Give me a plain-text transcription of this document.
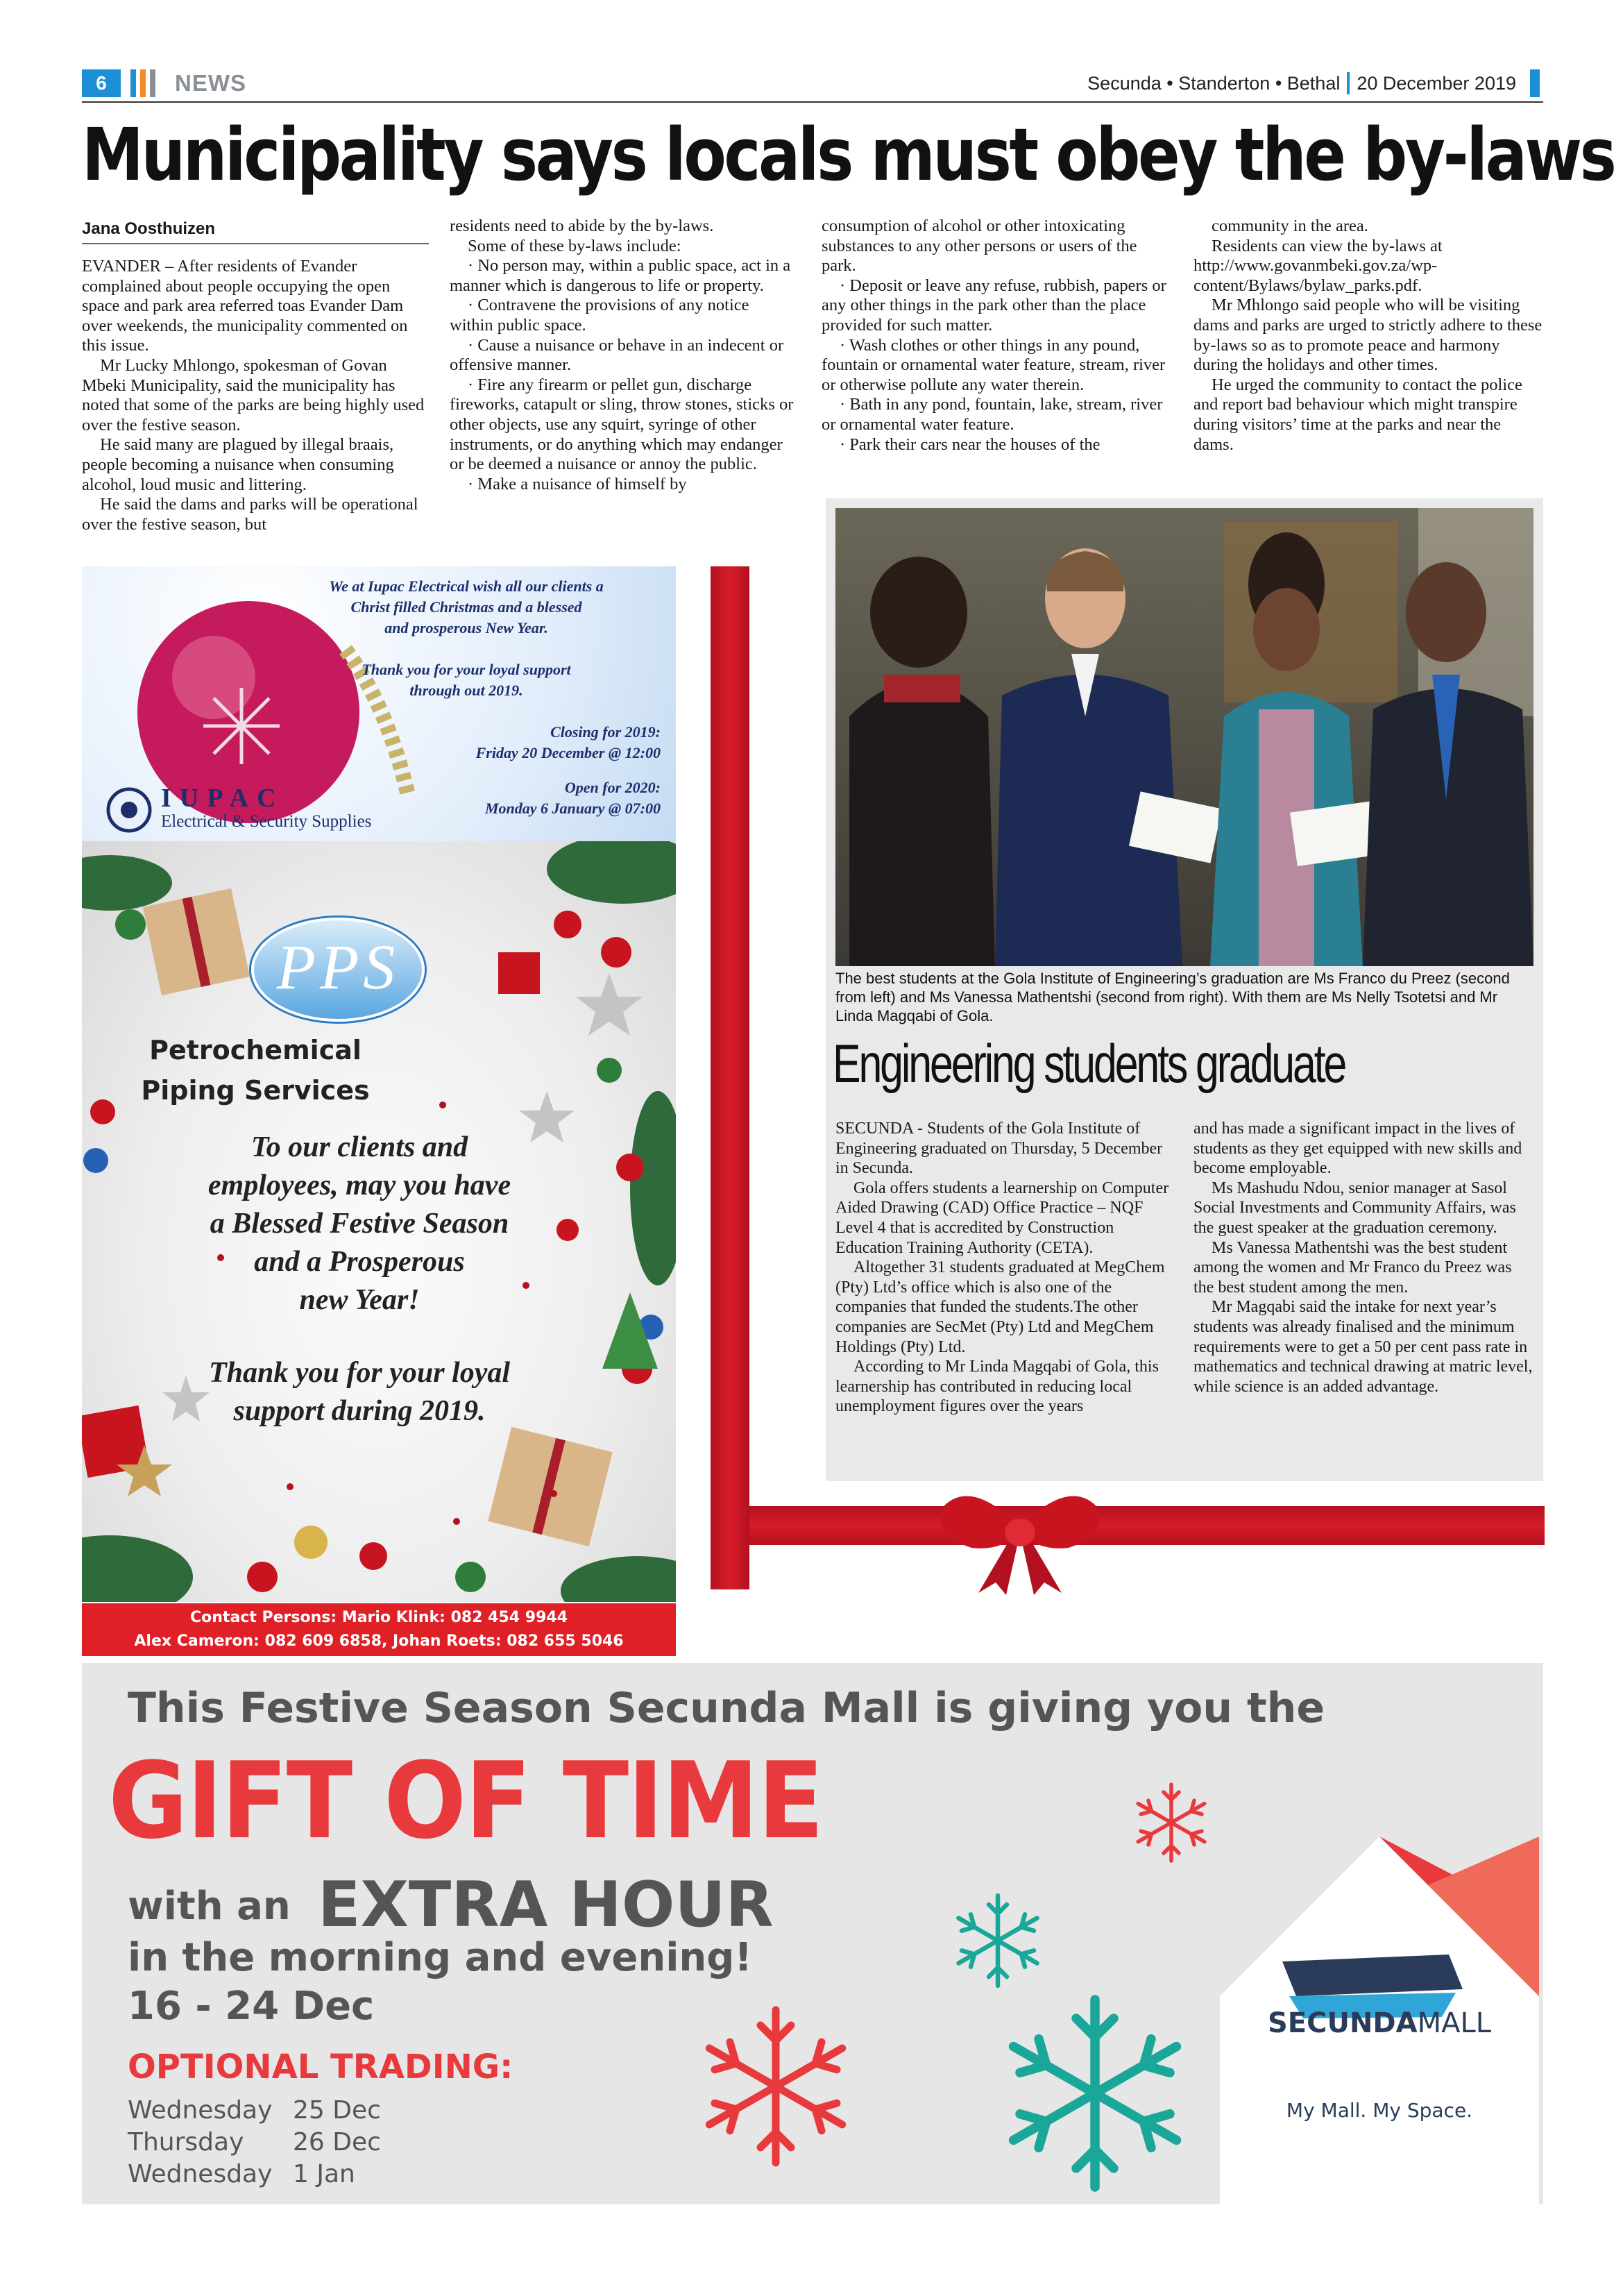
6	NEWS	Secunda • Standerton • Bethal 20 December 2019
Municipality says locals must obey the by-laws
Jana Oosthuizen

EVANDER – After residents of Evander complained about people occupying the open space and park area referred toas Evander Dam over weekends, the municipality commented on this issue.

Mr Lucky Mhlongo, spokesman of Govan Mbeki Municipality, said the municipality has noted that some of the parks are being highly used over the festive season.

He said many are plagued by illegal braais, people becoming a nuisance when consuming alcohol, loud music and littering.

He said the dams and parks will be operational over the festive season, but

residents need to abide by the by-laws.

Some of these by-laws include:

· No person may, within a public space, act in a manner which is dangerous to life or property.

· Contravene the provisions of any notice within public space.

· Cause a nuisance or behave in an indecent or offensive manner.

· Fire any firearm or pellet gun, discharge fireworks, catapult or sling, throw stones, sticks or other objects, use any squirt, syringe of other instruments, or do anything which may endanger or be deemed a nuisance or annoy the public.

· Make a nuisance of himself by

consumption of alcohol or other intoxicating substances to any other persons or users of the park.

· Deposit or leave any refuse, rubbish, papers or any other things in the park other than the place provided for such matter.

· Wash clothes or other things in any pound, fountain or ornamental water feature, stream, river or otherwise pollute any water therein.

· Bath in any pond, fountain, lake, stream, river or ornamental water feature.

· Park their cars near the houses of the

community in the area.

Residents can view the by-laws at http://www.govanmbeki.gov.za/wp-content/Bylaws/bylaw_parks.pdf.

Mr Mhlongo said people who will be visiting dams and parks are urged to strictly adhere to these by-laws so as to promote peace and harmony during the holidays and other times.

He urged the community to contact the police and report bad behaviour which might transpire during visitors’ time at the parks and near the dams.

The best students at the Gola Institute of Engineering’s graduation are Ms Franco du Preez (second from left) and Ms Vanessa Mathentshi (second from right). With them are Ms Nelly Tsotetsi and Mr Linda Magqabi of Gola.
Engineering students graduate

SECUNDA - Students of the Gola Institute of Engineering graduated on Thursday, 5 December in Secunda.

Gola offers students a learnership on Computer Aided Drawing (CAD) Office Practice – NQF Level 4 that is accredited by Construction Education Training Authority (CETA).

Altogether 31 students graduated at MegChem (Pty) Ltd’s office which is also one of the companies that funded the students.The other companies are SecMet (Pty) Ltd and MegChem Holdings (Pty) Ltd.

According to Mr Linda Magqabi of Gola, this learnership has contributed in reducing local unemployment figures over the years

and has made a significant impact in the lives of students as they get equipped with new skills and become employable.

Ms Mashudu Ndou, senior manager at Sasol Social Investments and Community Affairs, was the guest speaker at the graduation ceremony.

Ms Vanessa Mathentshi was the best student among the women and Mr Franco du Preez was the best student among the men.

Mr Magqabi said the intake for next year’s students was already finalised and the minimum requirements were to get a 50 per cent pass rate in mathematics and technical drawing at matric level, while science is an added advantage.

We at Iupac Electrical wish all our clients a
Christ filled Christmas and a blessed
and prosperous New Year.
Thank you for your loyal support
through out 2019.
Closing for 2019:
Friday 20 December @ 12:00
Open for 2020:
Monday 6 January @ 07:00
IUPAC
Electrical & Security Supplies
PPS
Petrochemical
Piping Services
To our clients and
employees, may you have
a Blessed Festive Season
and a Prosperous
new Year!
Thank you for your loyal
support during 2019.
Contact Persons: Mario Klink: 082 454 9944
Alex Cameron: 082 609 6858, Johan Roets: 082 655 5046
This Festive Season Secunda Mall is giving you the
GIFT OF TIME
with an EXTRA HOUR
in the morning and evening!
16 - 24 Dec
OPTIONAL TRADING:
Wednesday 25 Dec
Thursday	26 Dec
Wednesday 1 Jan
SECUNDAMALL
My Mall. My Space.
